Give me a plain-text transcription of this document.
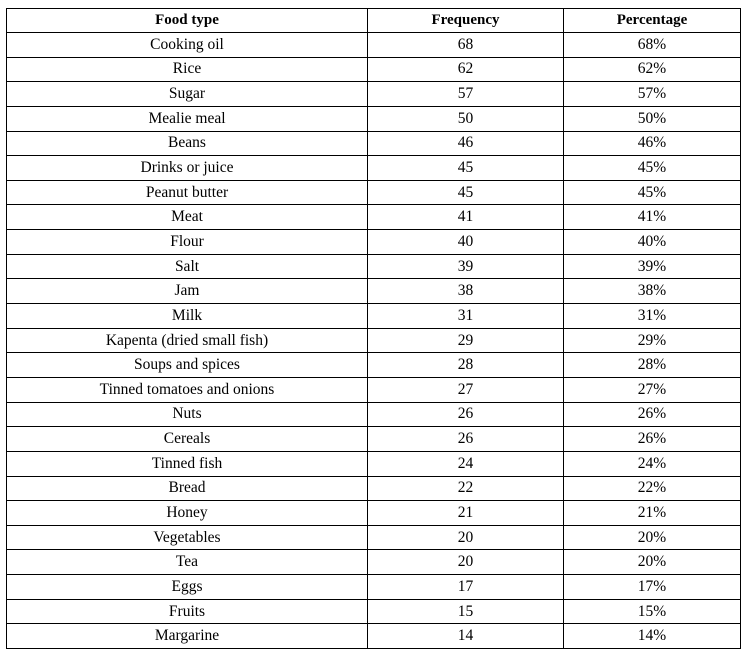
Food type	Frequency	Percentage
Cooking oil	68	68%
Rice	62	62%
Sugar	57	57%
Mealie meal	50	50%
Beans	46	46%
Drinks or juice	45	45%
Peanut butter	45	45%
Meat	41	41%
Flour	40	40%
Salt	39	39%
Jam	38	38%
Milk	31	31%
Kapenta (dried small fish)	29	29%
Soups and spices	28	28%
Tinned tomatoes and onions	27	27%
Nuts	26	26%
Cereals	26	26%
Tinned fish	24	24%
Bread	22	22%
Honey	21	21%
Vegetables	20	20%
Tea	20	20%
Eggs	17	17%
Fruits	15	15%
Margarine	14	14%
